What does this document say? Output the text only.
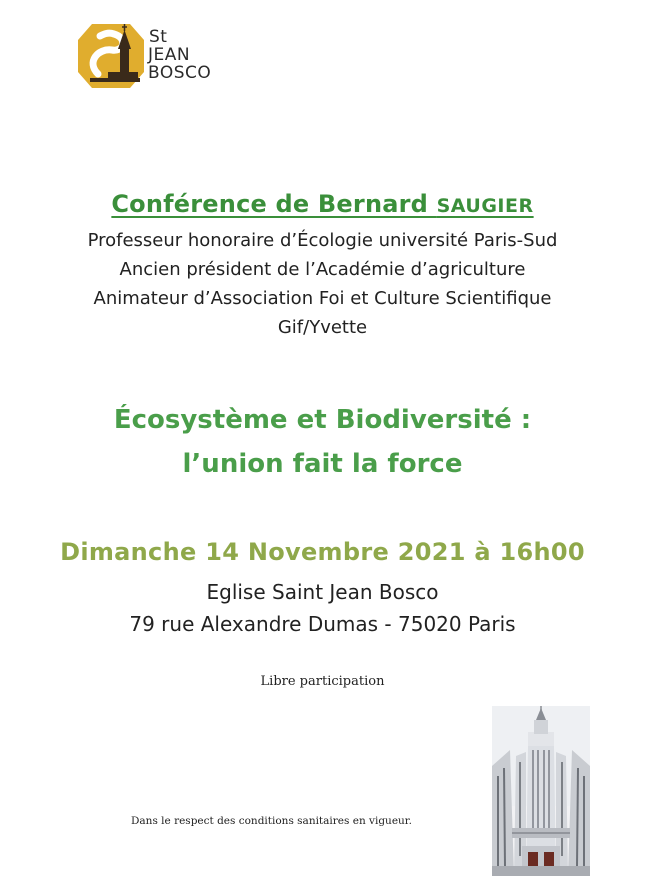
St
JEAN
BOSCO
Conférence de Bernard SAUGIER
Professeur honoraire d’Écologie université Paris-Sud
Ancien président de l’Académie d’agriculture
Animateur d’Association Foi et Culture Scientifique
Gif/Yvette
Écosystème et Biodiversité :
l’union fait la force
Dimanche 14 Novembre 2021 à 16h00
Eglise Saint Jean Bosco
79 rue Alexandre Dumas - 75020 Paris
Libre participation
Dans le respect des conditions sanitaires en vigueur.
